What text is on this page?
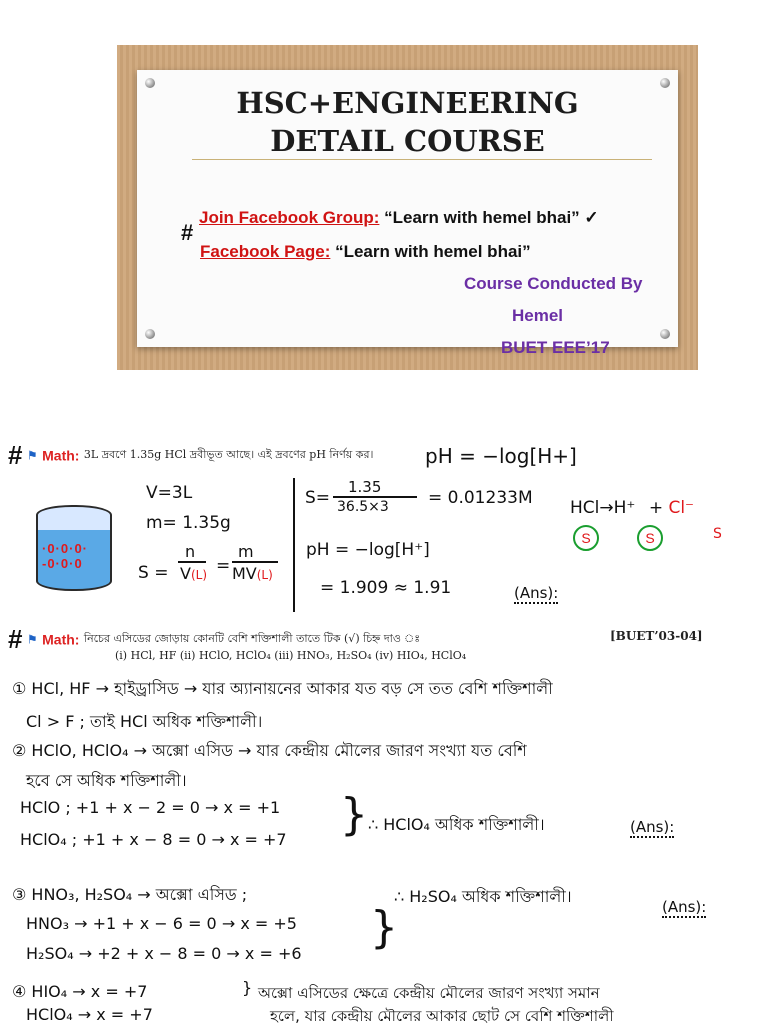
HSC+ENGINEERING
DETAIL COURSE
#
Join Facebook Group: “Learn with hemel bhai” ✓
Facebook Page: “Learn with hemel bhai”
Course Conducted By
Hemel
BUET EEE’17
# ⚑ Math: 3L দ্রবণে 1.35g HCl দ্রবীভূত আছে। এই দ্রবণের pH নির্ণয় কর।	pH = −log[H+]
·0·0·0·
-0·0·0
V=3L
m= 1.35g
S =
n
V(L) =
m
MV(L)
S=
1.35
36.5×3 = 0.01233M HCl→H⁺ + Cl⁻
S	S	S
pH = −log[H⁺]
= 1.909 ≈ 1.91	(Ans):
# ⚑ Math: নিচের এসিডের জোড়ায় কোনটি বেশি শক্তিশালী তাতে টিক (√) চিহ্ন দাও ঃ	[BUET’03-04]
(i) HCl, HF (ii) HClO, HClO₄ (iii) HNO₃, H₂SO₄ (iv) HIO₄, HClO₄
① HCl, HF → হাইড্রাসিড → যার অ্যানায়নের আকার যত বড় সে তত বেশি শক্তিশালী
Cl > F ; তাই HCl অধিক শক্তিশালী।
② HClO, HClO₄ → অক্সো এসিড → যার কেন্দ্রীয় মৌলের জারণ সংখ্যা যত বেশি
হবে সে অধিক শক্তিশালী।
HClO ; +1 + x − 2 = 0 → x = +1
HClO₄ ; +1 + x − 8 = 0 → x = +7 } ∴ HClO₄ অধিক শক্তিশালী।	(Ans):
③ HNO₃, H₂SO₄ → অক্সো এসিড ;
HNO₃ → +1 + x − 6 = 0 → x = +5
H₂SO₄ → +2 + x − 8 = 0 → x = +6
}
∴ H₂SO₄ অধিক শক্তিশালী।
(Ans):
④ HIO₄ → x = +7
HClO₄ → x = +7
} অক্সো এসিডের ক্ষেত্রে কেন্দ্রীয় মৌলের জারণ সংখ্যা সমান
হলে, যার কেন্দ্রীয় মৌলের আকার ছোট সে বেশি শক্তিশালী
